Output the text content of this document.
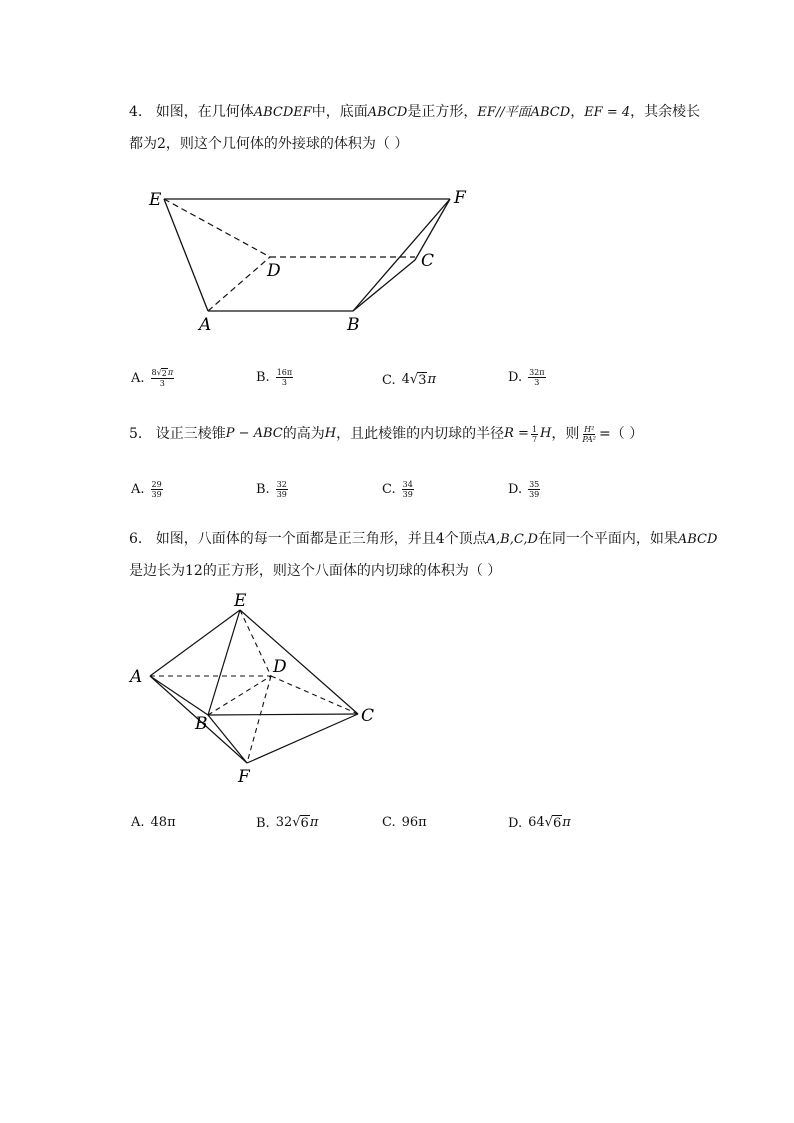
4. 如图，在几何体ABCDEF中，底面ABCD是正方形，EF//平面ABCD，EF = 4，其余棱长
都为2，则这个几何体的外接球的体积为（ ）
E	F
D	C
A	B
A. $\frac{8 √ 2 \pi}{3}$	B. $\frac{16\pi}{3}$	C. 4 √ 3 π	D. $\frac{32\pi}{3}$
5.
设正三棱锥 P − ABC 的高为 H ，且此棱锥的内切球的半径 $R = \frac{1}{7}$ H ，则 $\frac{\text{H²}}{\text{PA²}}$ =（ ）
A. $\frac{29}{39}$	B. $\frac{32}{39}$	C. $\frac{34}{39}$	D. $\frac{35}{39}$
6. 如图，八面体的每一个面都是正三角形，并且4个顶点A,B,C,D在同一个平面内，如果ABCD
是边长为12的正方形，则这个八面体的内切球的体积为（ ）
E
A	D
B	C
F
A. 48π	B. 32 √ 6 π	C. 96π	D. 64 √ 6 π
